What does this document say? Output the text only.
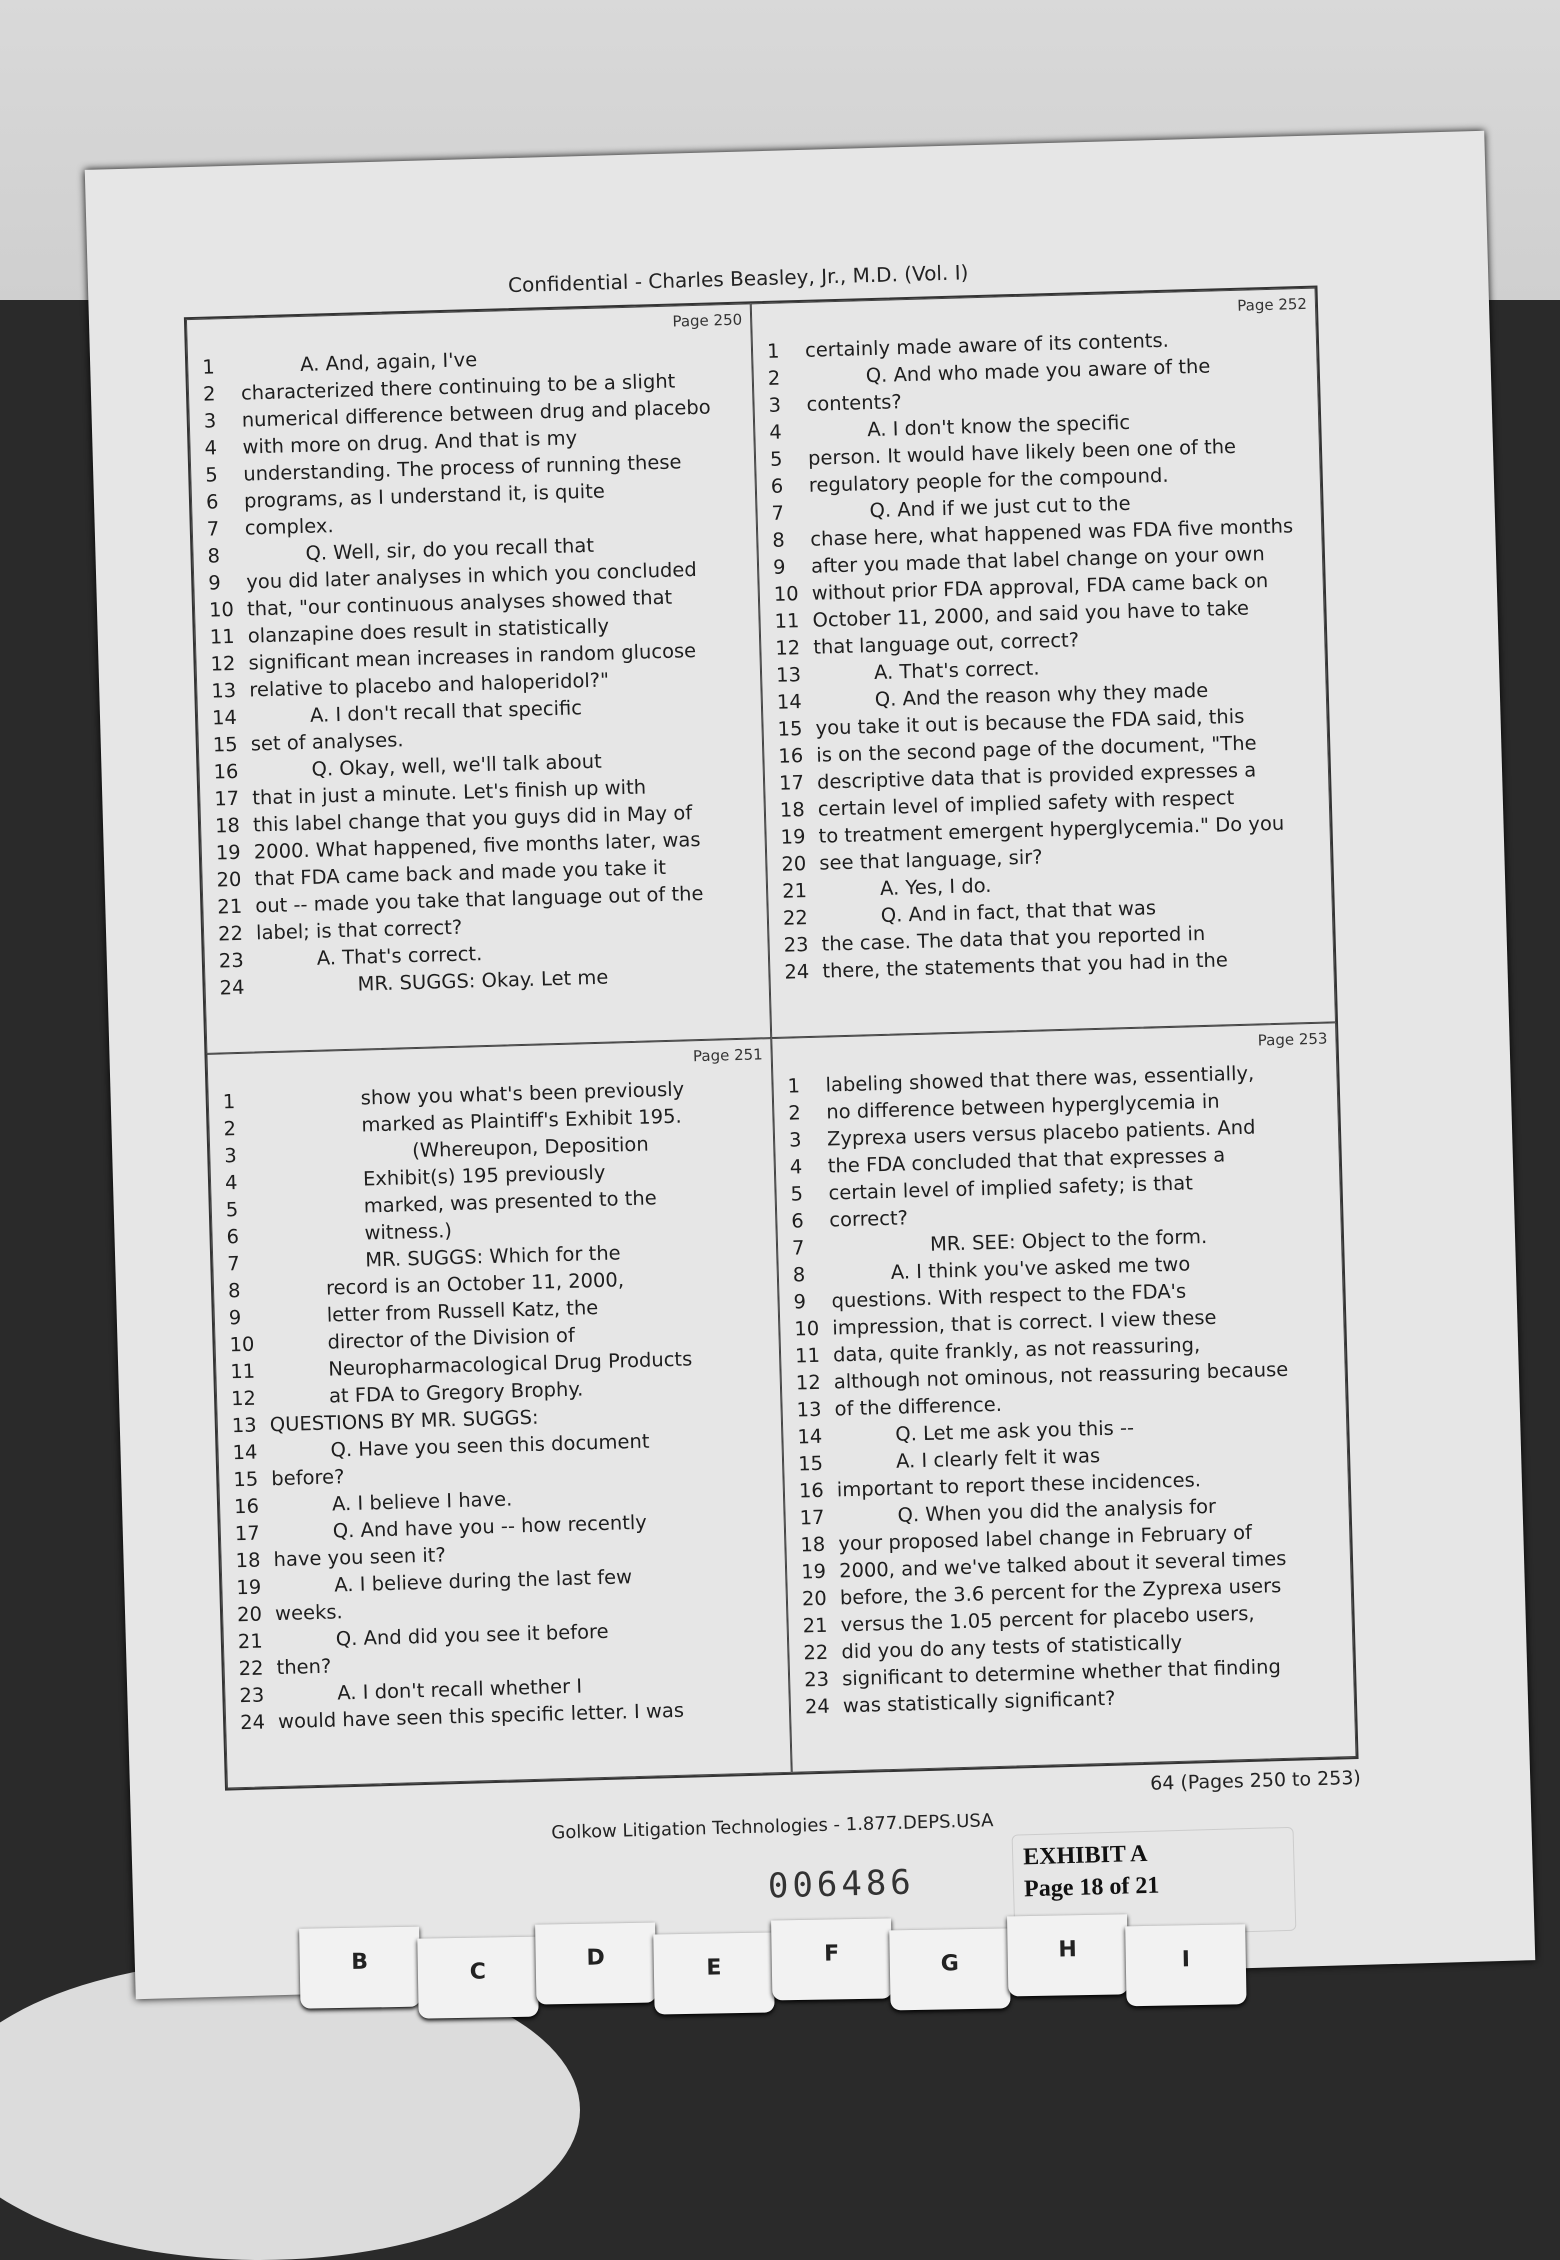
Confidential - Charles Beasley, Jr., M.D. (Vol. I)
Page 250
1	A. And, again, I've
2	characterized there continuing to be a slight
3	numerical difference between drug and placebo
4	with more on drug. And that is my
5	understanding. The process of running these
6	programs, as I understand it, is quite
7	complex.
8	Q. Well, sir, do you recall that
9	you did later analyses in which you concluded
10 that, "our continuous analyses showed that
11 olanzapine does result in statistically
12 significant mean increases in random glucose
13 relative to placebo and haloperidol?"
14	A. I don't recall that specific
15 set of analyses.
16	Q. Okay, well, we'll talk about
17 that in just a minute. Let's finish up with
18 this label change that you guys did in May of
19 2000. What happened, five months later, was
20 that FDA came back and made you take it
21 out -- made you take that language out of the
22 label; is that correct?
23	A. That's correct.
24	MR. SUGGS: Okay. Let me
Page 252
1	certainly made aware of its contents.
2	Q. And who made you aware of the
3	contents?
4	A. I don't know the specific
5	person. It would have likely been one of the
6	regulatory people for the compound.
7	Q. And if we just cut to the
8	chase here, what happened was FDA five months
9	after you made that label change on your own
10 without prior FDA approval, FDA came back on
11 October 11, 2000, and said you have to take
12 that language out, correct?
13	A. That's correct.
14	Q. And the reason why they made
15 you take it out is because the FDA said, this
16 is on the second page of the document, "The
17 descriptive data that is provided expresses a
18 certain level of implied safety with respect
19 to treatment emergent hyperglycemia." Do you
20 see that language, sir?
21	A. Yes, I do.
22	Q. And in fact, that that was
23 the case. The data that you reported in
24 there, the statements that you had in the
Page 251
1	show you what's been previously
2	marked as Plaintiff's Exhibit 195.
3	(Whereupon, Deposition
4	Exhibit(s) 195 previously
5	marked, was presented to the
6	witness.)
7	MR. SUGGS: Which for the
8	record is an October 11, 2000,
9	letter from Russell Katz, the
10	director of the Division of
11	Neuropharmacological Drug Products
12	at FDA to Gregory Brophy.
13 QUESTIONS BY MR. SUGGS:
14	Q. Have you seen this document
15 before?
16	A. I believe I have.
17	Q. And have you -- how recently
18 have you seen it?
19	A. I believe during the last few
20 weeks.
21	Q. And did you see it before
22 then?
23	A. I don't recall whether I
24 would have seen this specific letter. I was
Page 253
1	labeling showed that there was, essentially,
2	no difference between hyperglycemia in
3	Zyprexa users versus placebo patients. And
4	the FDA concluded that that expresses a
5	certain level of implied safety; is that
6	correct?
7	MR. SEE: Object to the form.
8	A. I think you've asked me two
9	questions. With respect to the FDA's
10 impression, that is correct. I view these
11 data, quite frankly, as not reassuring,
12 although not ominous, not reassuring because
13 of the difference.
14	Q. Let me ask you this --
15	A. I clearly felt it was
16 important to report these incidences.
17	Q. When you did the analysis for
18 your proposed label change in February of
19 2000, and we've talked about it several times
20 before, the 3.6 percent for the Zyprexa users
21 versus the 1.05 percent for placebo users,
22 did you do any tests of statistically
23 significant to determine whether that finding
24 was statistically significant?
64 (Pages 250 to 253)
Golkow Litigation Technologies - 1.877.DEPS.USA
006486
EXHIBIT A
Page 18 of 21
B	C
D	E
F	G
H	I
